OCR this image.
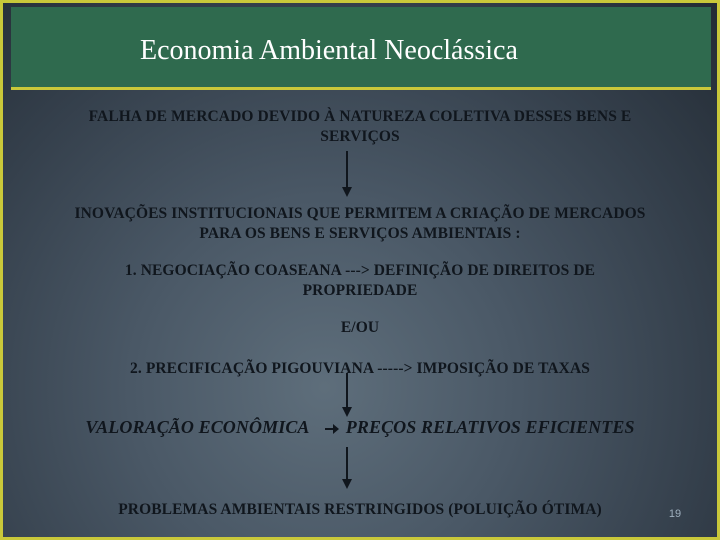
Economia Ambiental Neoclássica
FALHA DE MERCADO DEVIDO À NATUREZA COLETIVA DESSES BENS E
SERVIÇOS
INOVAÇÕES INSTITUCIONAIS QUE PERMITEM A CRIAÇÃO DE MERCADOS
PARA OS BENS E SERVIÇOS AMBIENTAIS :
1. NEGOCIAÇÃO COASEANA ---> DEFINIÇÃO DE DIREITOS DE
PROPRIEDADE
E/OU
2. PRECIFICAÇÃO PIGOUVIANA -----> IMPOSIÇÃO DE TAXAS
VALORAÇÃO ECONÔMICA PREÇOS RELATIVOS EFICIENTES
PROBLEMAS AMBIENTAIS RESTRINGIDOS (POLUIÇÃO ÓTIMA)	19
